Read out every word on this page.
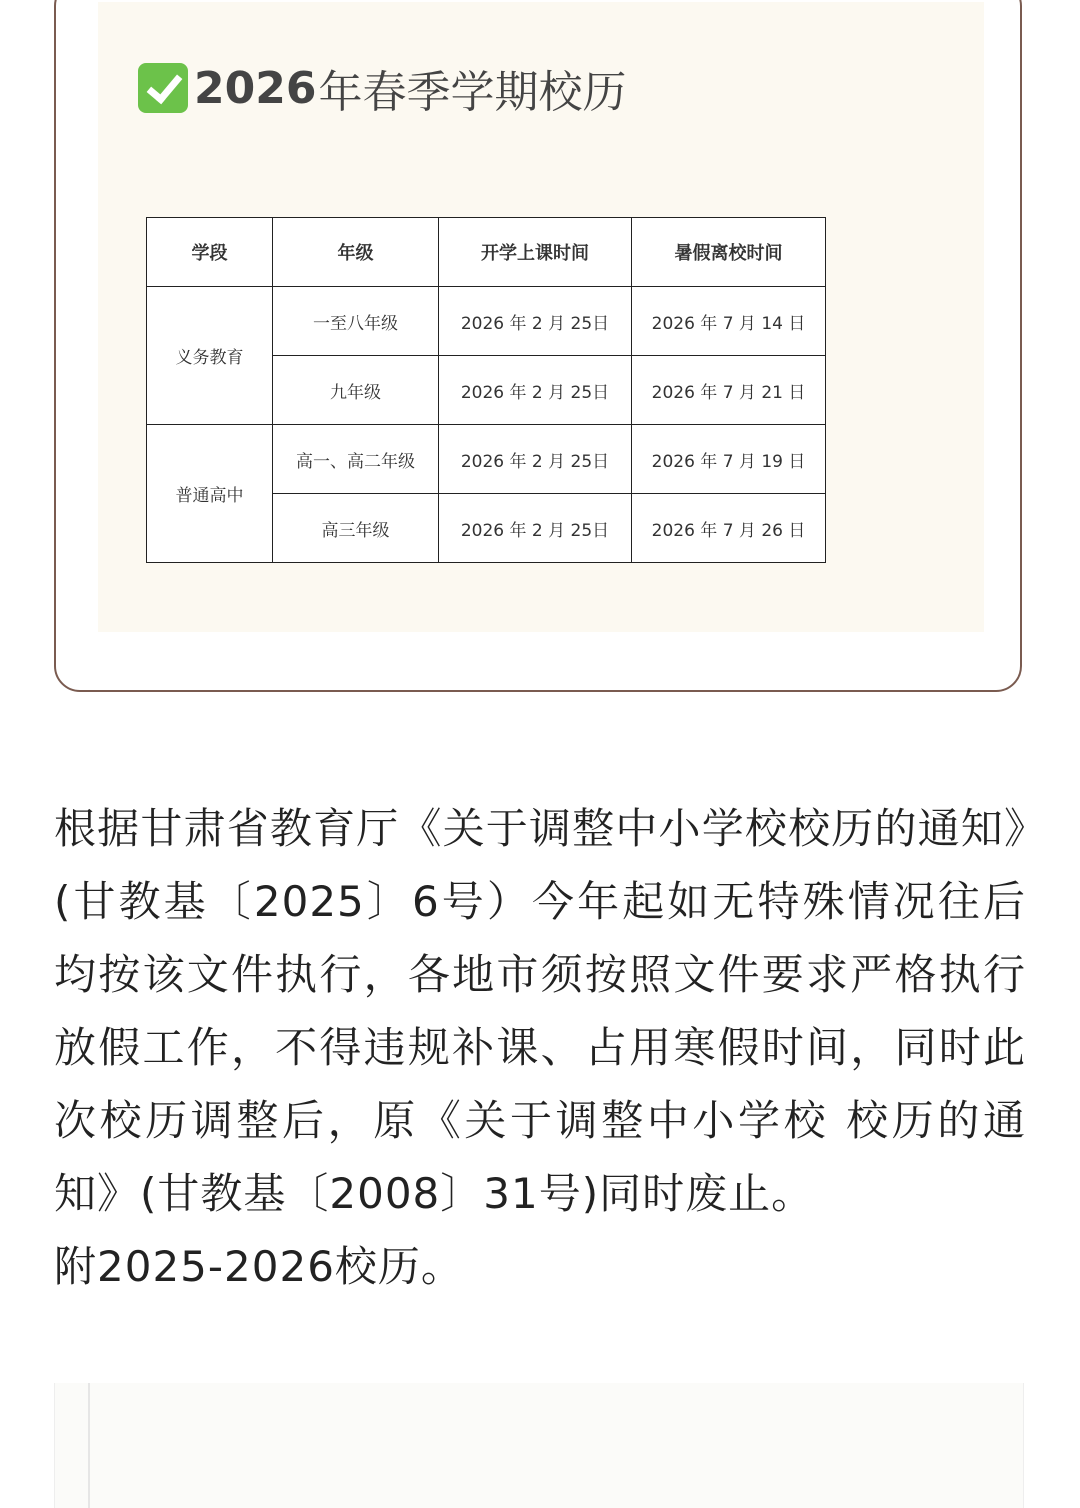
2026 年春季学期校历
学段	年级	开学上课时间	暑假离校时间
义务教育	一至八年级	2026 年 2 月 25日	2026 年 7 月 14 日
	九年级	2026 年 2 月 25日	2026 年 7 月 21 日
普通高中	高一、高二年级	2026 年 2 月 25日	2026 年 7 月 19 日
	高三年级	2026 年 2 月 25日	2026 年 7 月 26 日

根据甘肃省教育厅《关于调整中小学校校历的通知》(甘教基〔2025〕6号）今年起如无特殊情况往后均按该文件执行，各地市须按照文件要求严格执行放假工作，不得违规补课、占用寒假时间，同时此次校历调整后，原《关于调整中小学校 校历的通知》(甘教基〔2008〕31号)同时废止。

附2025-2026校历。
